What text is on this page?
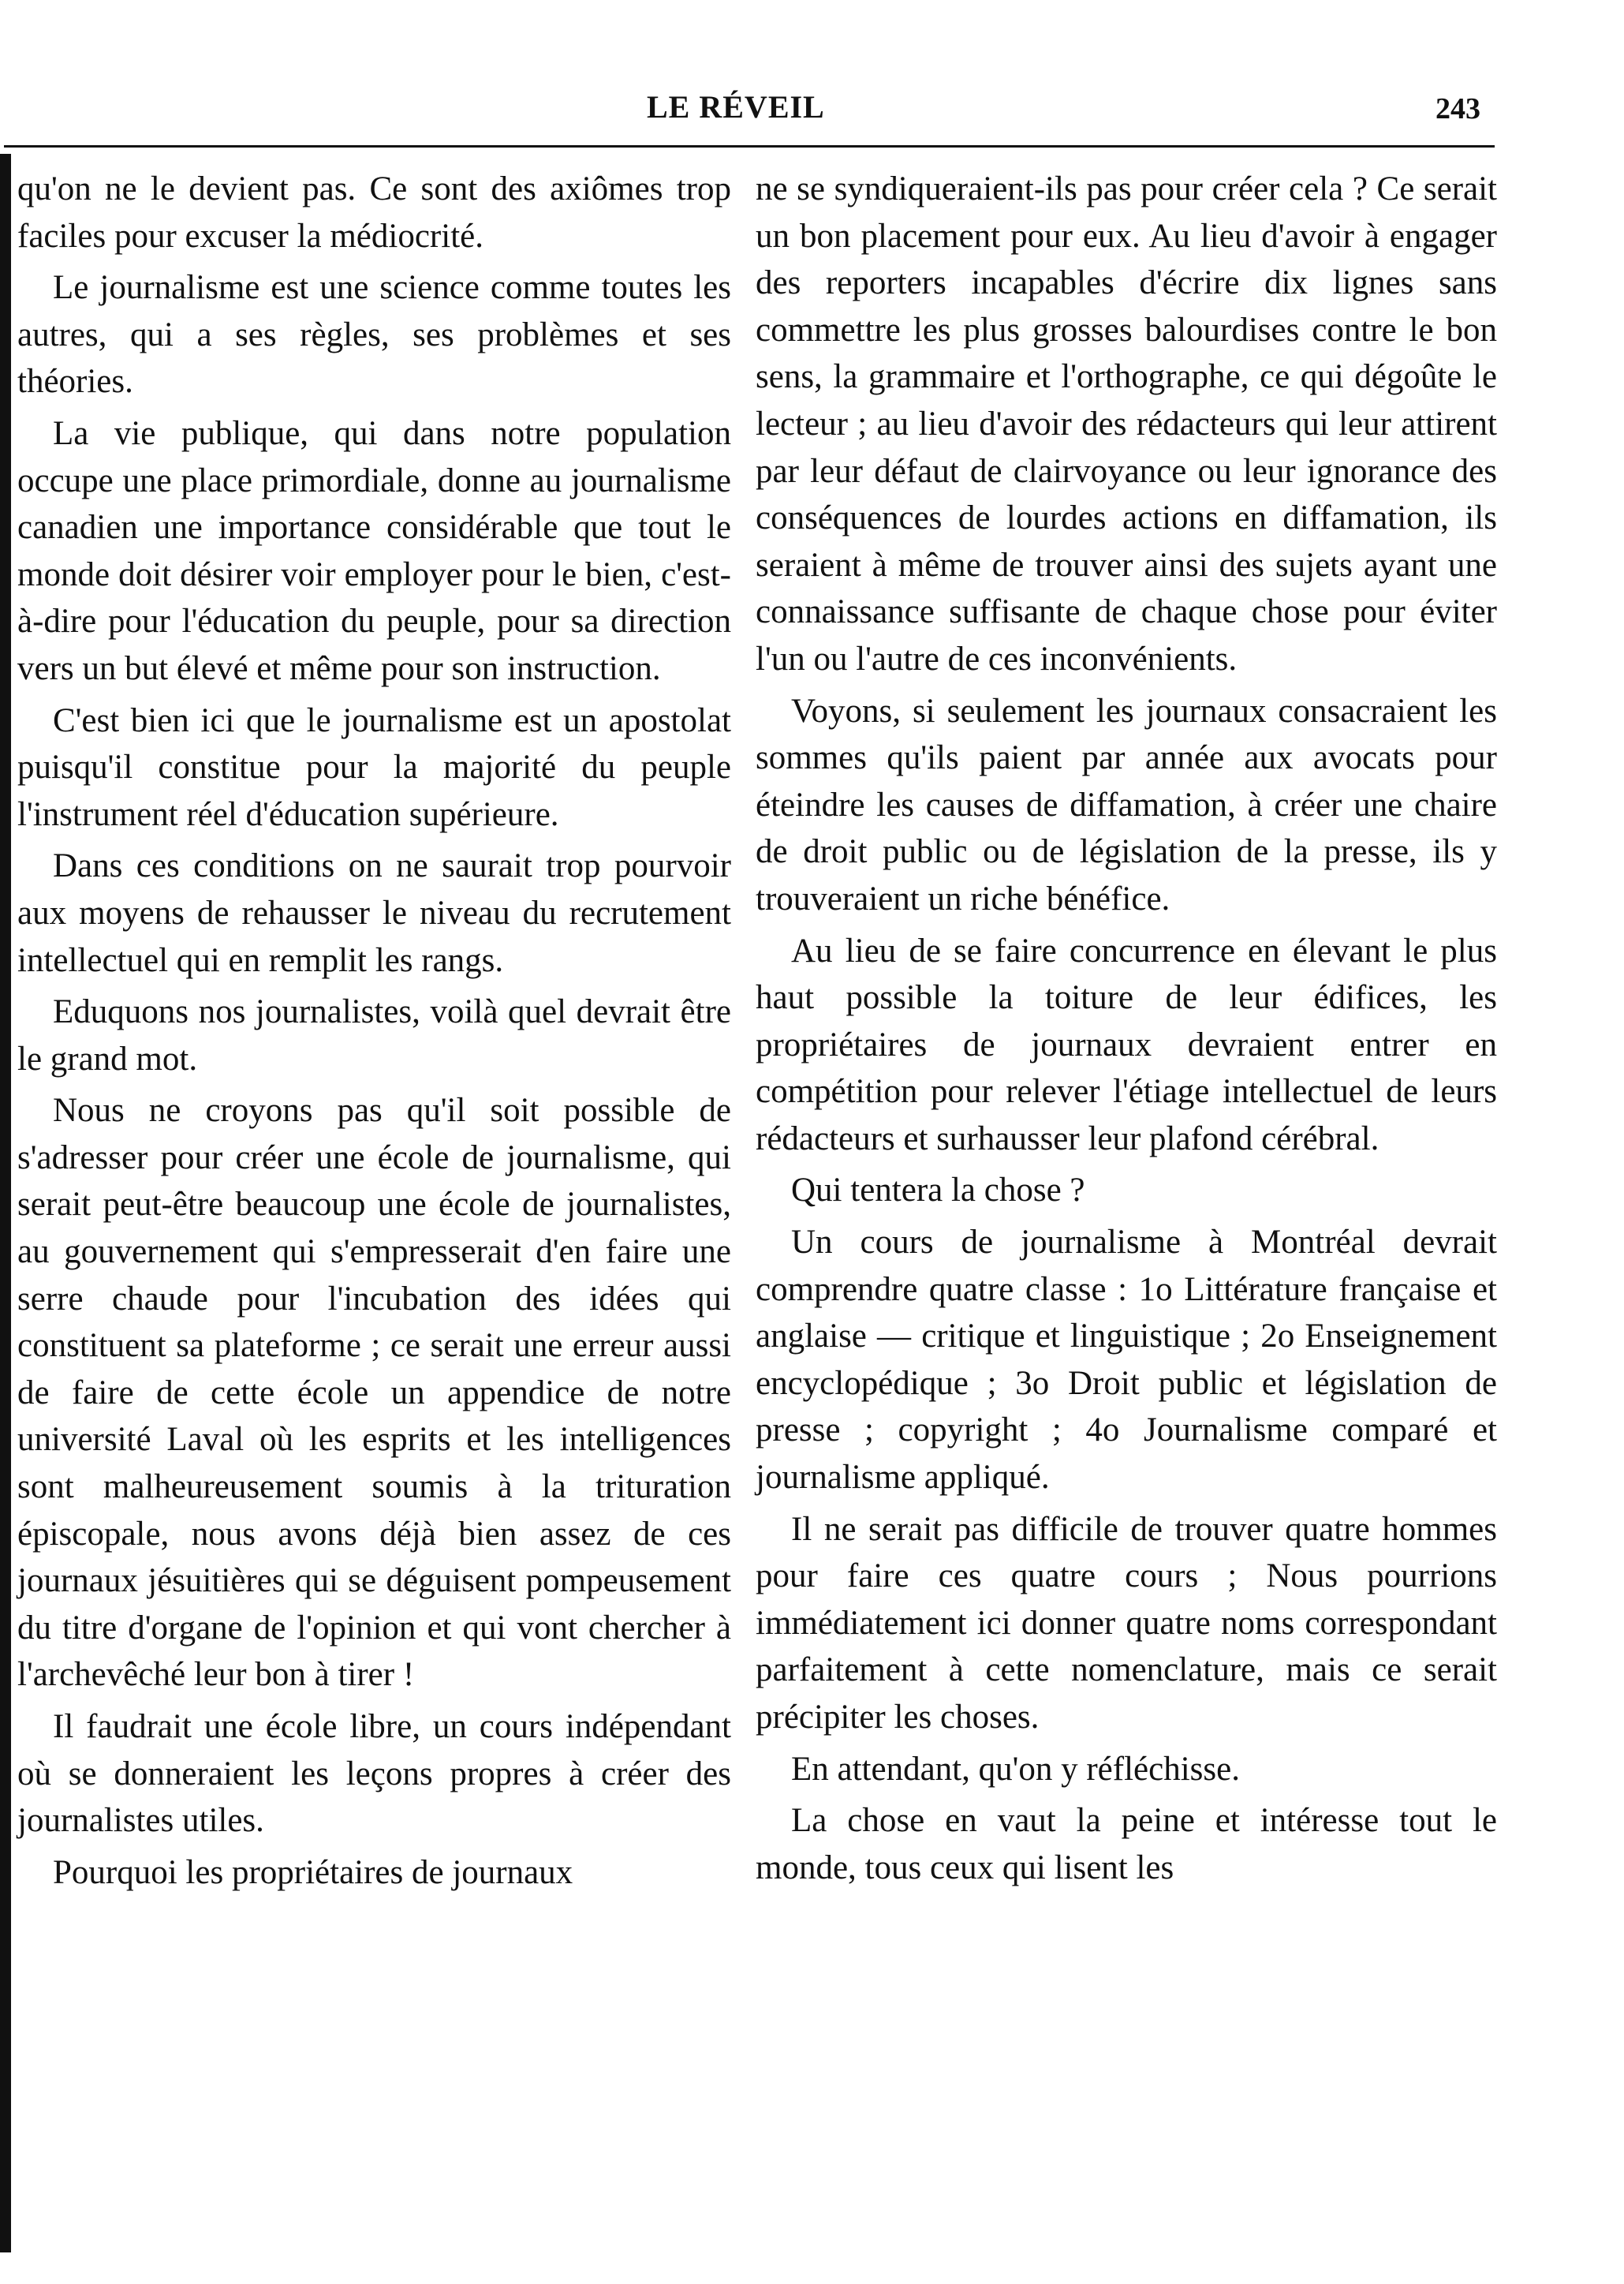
LE RÉVEIL	243

qu'on ne le devient pas. Ce sont des axiômes trop faciles pour excuser la médiocrité.

Le journalisme est une science comme toutes les autres, qui a ses règles, ses problèmes et ses théories.

La vie publique, qui dans notre population occupe une place primordiale, donne au journalisme canadien une importance considérable que tout le monde doit désirer voir employer pour le bien, c'est-à-dire pour l'éducation du peuple, pour sa direction vers un but élevé et même pour son instruction.

C'est bien ici que le journalisme est un apostolat puisqu'il constitue pour la majorité du peuple l'instrument réel d'éducation supérieure.

Dans ces conditions on ne saurait trop pourvoir aux moyens de rehausser le niveau du recrutement intellectuel qui en remplit les rangs.

Eduquons nos journalistes, voilà quel devrait être le grand mot.

Nous ne croyons pas qu'il soit possible de s'adresser pour créer une école de journalisme, qui serait peut-être beaucoup une école de journalistes, au gouvernement qui s'empresserait d'en faire une serre chaude pour l'incubation des idées qui constituent sa plateforme ; ce serait une erreur aussi de faire de cette école un appendice de notre université Laval où les esprits et les intelligences sont malheureusement soumis à la trituration épiscopale, nous avons déjà bien assez de ces journaux jésuitières qui se déguisent pompeusement du titre d'organe de l'opinion et qui vont chercher à l'archevêché leur bon à tirer !

Il faudrait une école libre, un cours indépendant où se donneraient les leçons propres à créer des journalistes utiles.

Pourquoi les propriétaires de journaux

ne se syndiqueraient-ils pas pour créer cela ? Ce serait un bon placement pour eux. Au lieu d'avoir à engager des reporters incapables d'écrire dix lignes sans commettre les plus grosses balourdises contre le bon sens, la grammaire et l'orthographe, ce qui dégoûte le lecteur ; au lieu d'avoir des rédacteurs qui leur attirent par leur défaut de clairvoyance ou leur ignorance des conséquences de lourdes actions en diffamation, ils seraient à même de trouver ainsi des sujets ayant une connaissance suffisante de chaque chose pour éviter l'un ou l'autre de ces inconvénients.

Voyons, si seulement les journaux consacraient les sommes qu'ils paient par année aux avocats pour éteindre les causes de diffamation, à créer une chaire de droit public ou de législation de la presse, ils y trouveraient un riche bénéfice.

Au lieu de se faire concurrence en élevant le plus haut possible la toiture de leur édifices, les propriétaires de journaux devraient entrer en compétition pour relever l'étiage intellectuel de leurs rédacteurs et surhausser leur plafond cérébral.

Qui tentera la chose ?

Un cours de journalisme à Montréal devrait comprendre quatre classe : 1o Littérature française et anglaise — critique et linguistique ; 2o Enseignement encyclopédique ; 3o Droit public et législation de presse ; copyright ; 4o Journalisme comparé et journalisme appliqué.

Il ne serait pas difficile de trouver quatre hommes pour faire ces quatre cours ; Nous pourrions immédiatement ici donner quatre noms correspondant parfaitement à cette nomenclature, mais ce serait précipiter les choses.

En attendant, qu'on y réfléchisse.

La chose en vaut la peine et intéresse tout le monde, tous ceux qui lisent les
